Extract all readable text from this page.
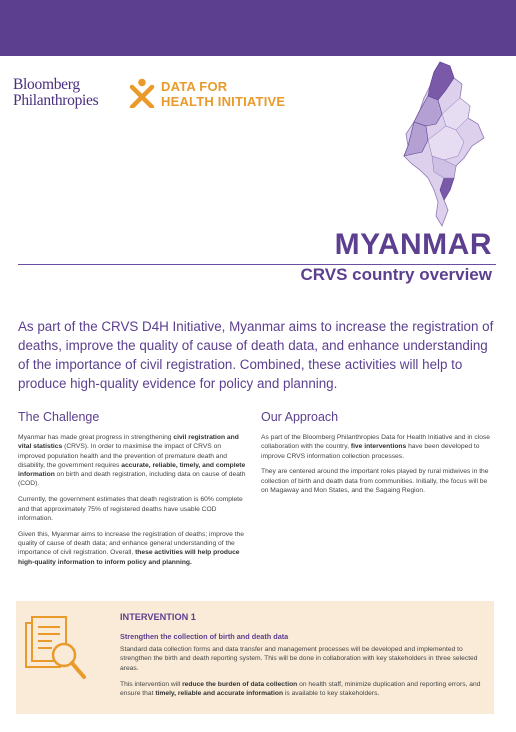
Bloomberg
Philanthropies
DATA FOR
HEALTH INITIATIVE
MYANMAR
CRVS country overview

As part of the CRVS D4H Initiative, Myanmar aims to increase the registration of deaths, improve the quality of cause of death data, and enhance understanding of the importance of civil registration. Combined, these activities will help to produce high-quality evidence for policy and planning.

The Challenge

Myanmar has made great progress in strengthening civil registration and vital statistics (CRVS). In order to maximise the impact of CRVS on improved population health and the prevention of premature death and disability, the government requires accurate, reliable, timely, and complete information on birth and death registration, including data on cause of death (COD).

Currently, the government estimates that death registration is 60% complete and that approximately 75% of registered deaths have usable COD information.

Given this, Myanmar aims to increase the registration of deaths; improve the quality of cause of death data; and enhance general understanding of the importance of civil registration. Overall, these activities will help produce high-quality information to inform policy and planning.

Our Approach

As part of the Bloomberg Philanthropies Data for Health Initiative and in close collaboration with the country, five interventions have been developed to improve CRVS information collection processes.

They are centered around the important roles played by rural midwives in the collection of birth and death data from communities. Initially, the focus will be on Magaway and Mon States, and the Sagaing Region.

INTERVENTION 1
Strengthen the collection of birth and death data

Standard data collection forms and data transfer and management processes will be developed and implemented to strengthen the birth and death reporting system. This will be done in collaboration with key stakeholders in three selected areas.

This intervention will reduce the burden of data collection on health staff, minimize duplication and reporting errors, and ensure that timely, reliable and accurate information is available to key stakeholders.
